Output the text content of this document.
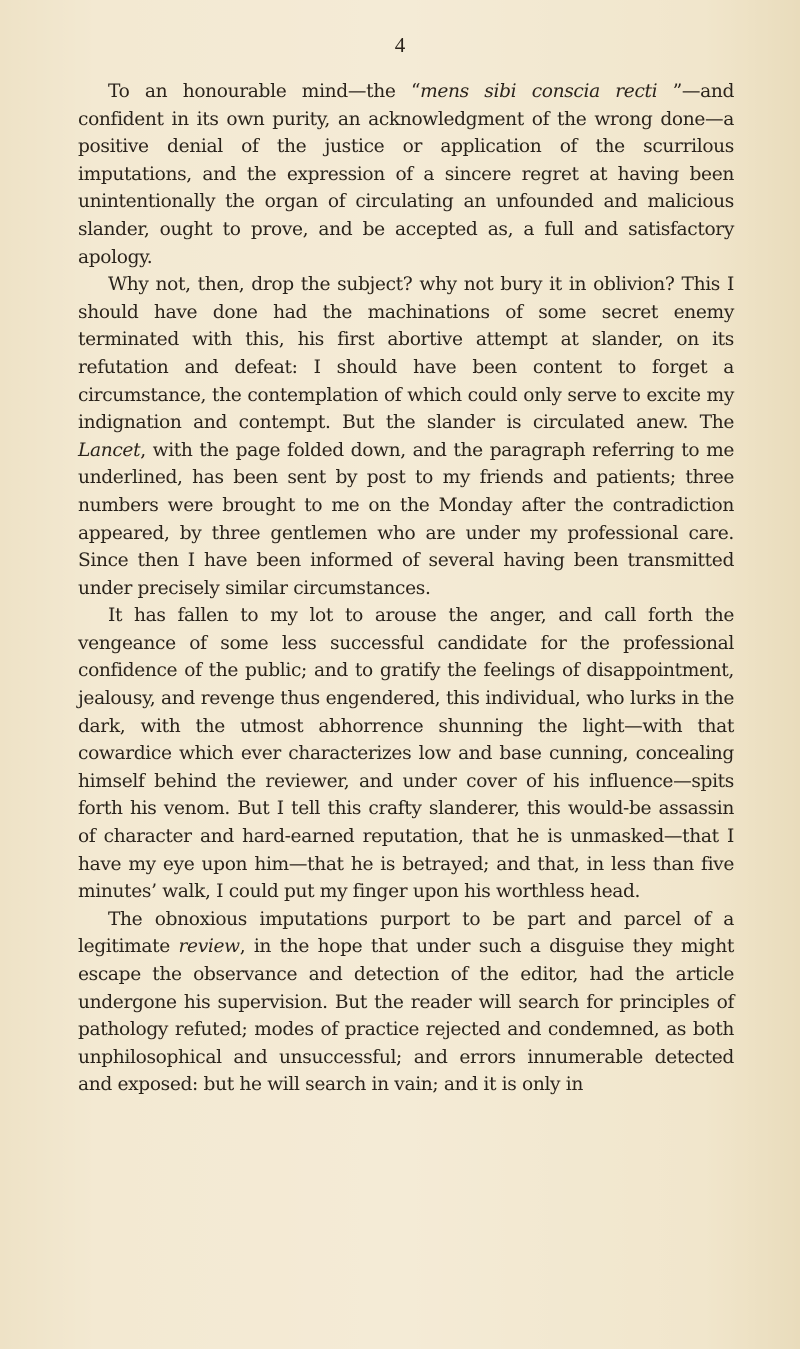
4

To an honourable mind—the “mens sibi conscia recti ”—and confident in its own purity, an acknowledgment of the wrong done—a positive denial of the justice or application of the scurrilous imputations, and the expression of a sincere regret at having been unintentionally the organ of circulating an unfounded and malicious slander, ought to prove, and be accepted as, a full and satisfactory apology.

Why not, then, drop the subject? why not bury it in oblivion? This I should have done had the machinations of some secret enemy terminated with this, his first abortive attempt at slander, on its refutation and defeat: I should have been content to forget a circumstance, the contemplation of which could only serve to excite my indignation and contempt. But the slander is circulated anew. The Lancet, with the page folded down, and the paragraph referring to me underlined, has been sent by post to my friends and patients; three numbers were brought to me on the Monday after the contradiction appeared, by three gentlemen who are under my professional care. Since then I have been informed of several having been transmitted under precisely similar circumstances.

It has fallen to my lot to arouse the anger, and call forth the vengeance of some less successful candidate for the professional confidence of the public; and to gratify the feelings of disappointment, jealousy, and revenge thus engendered, this individual, who lurks in the dark, with the utmost abhorrence shunning the light—with that cowardice which ever characterizes low and base cunning, concealing himself behind the reviewer, and under cover of his influence—spits forth his venom. But I tell this crafty slanderer, this would-be assassin of character and hard-earned reputation, that he is unmasked—that I have my eye upon him—that he is betrayed; and that, in less than five minutes’ walk, I could put my finger upon his worthless head.

The obnoxious imputations purport to be part and parcel of a legitimate review, in the hope that under such a disguise they might escape the observance and detection of the editor, had the article undergone his supervision. But the reader will search for principles of pathology refuted; modes of practice rejected and condemned, as both unphilosophical and unsuccessful; and errors innumerable detected and exposed: but he will search in vain; and it is only in
